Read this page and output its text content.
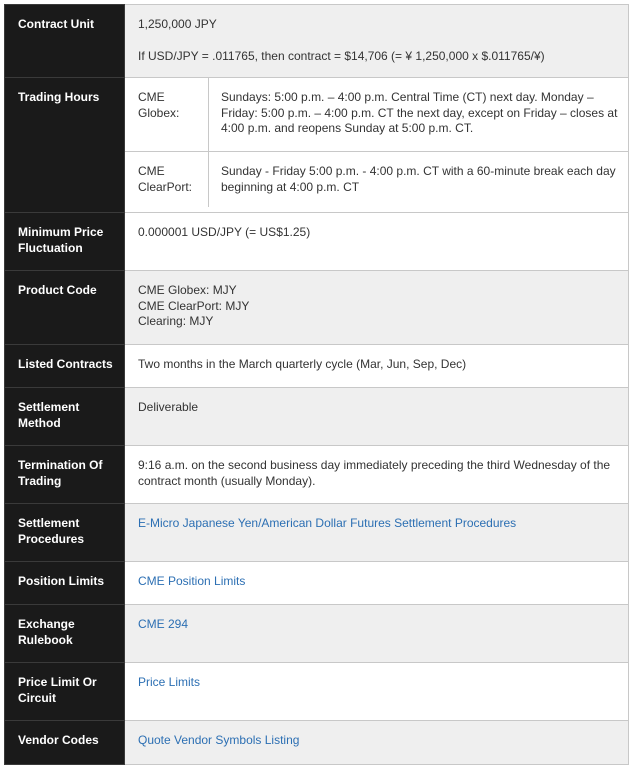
Contract Unit	1,250,000 JPY
If USD/JPY = .011765, then contract = $14,706 (= ¥ 1,250,000 x $.011765/¥)

Trading Hours		CME Globex:	Sundays: 5:00 p.m. – 4:00 p.m. Central Time (CT) next day. Monday – Friday: 5:00 p.m. – 4:00 p.m. CT the next day, except on Friday – closes at 4:00 p.m. and reopens Sunday at 5:00 p.m. CT.
CME ClearPort:	Sunday - Friday 5:00 p.m. - 4:00 p.m. CT with a 60-minute break each day beginning at 4:00 p.m. CT

Minimum Price Fluctuation	0.000001 USD/JPY (= US$1.25)
Product Code	CME Globex: MJY
CME ClearPort: MJY
Clearing: MJY

Listed Contracts	Two months in the March quarterly cycle (Mar, Jun, Sep, Dec)
Settlement Method	Deliverable
Termination Of Trading	9:16 a.m. on the second business day immediately preceding the third Wednesday of the contract month (usually Monday).
Settlement Procedures	E-Micro Japanese Yen/American Dollar Futures Settlement Procedures
Position Limits	CME Position Limits
Exchange Rulebook	CME 294
Price Limit Or Circuit	Price Limits
Vendor Codes	Quote Vendor Symbols Listing
